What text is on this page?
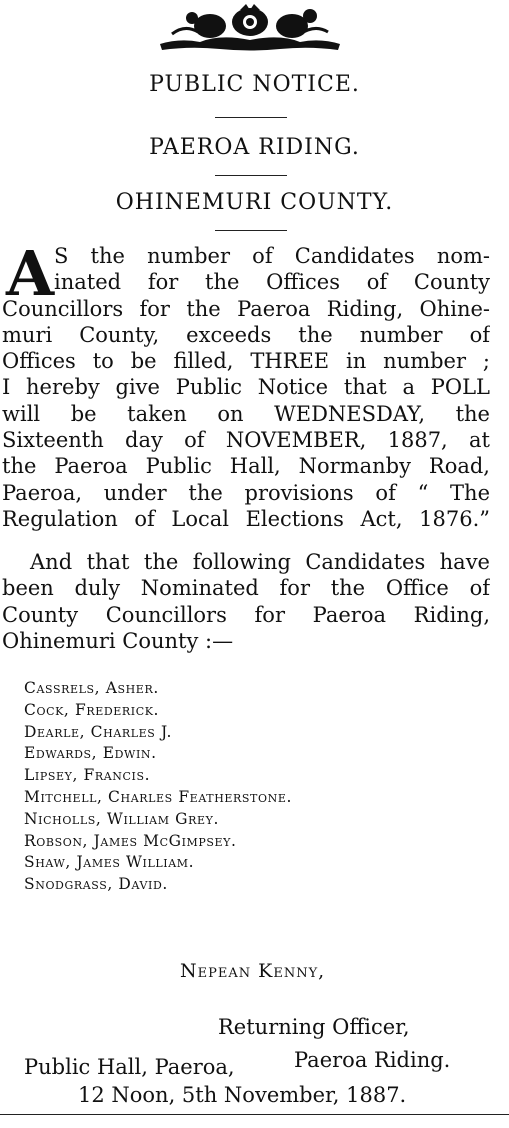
PUBLIC NOTICE.
PAEROA RIDING.
OHINEMURI COUNTY.
A S the number of Candidates nom-
inated for the Offices of County
Councillors for the Paeroa Riding, Ohine-
muri County, exceeds the number of
Offices to be filled, THREE in number ;
I hereby give Public Notice that a POLL
will be taken on WEDNESDAY, the
Sixteenth day of NOVEMBER, 1887, at
the Paeroa Public Hall, Normanby Road,
Paeroa, under the provisions of “ The
Regulation of Local Elections Act, 1876.”
And that the following Candidates have
been duly Nominated for the Office of
County Councillors for Paeroa Riding,
Ohinemuri County :—
Cassrels, Asher.
Cock, Frederick.
Dearle, Charles J.
Edwards, Edwin.
Lipsey, Francis.
Mitchell, Charles Featherstone.
Nicholls, William Grey.
Robson, James McGimpsey.
Shaw, James William.
Snodgrass, David.
Nepean Kenny,
Returning Officer,
Paeroa Riding.
Public Hall, Paeroa,
12 Noon, 5th November, 1887.
